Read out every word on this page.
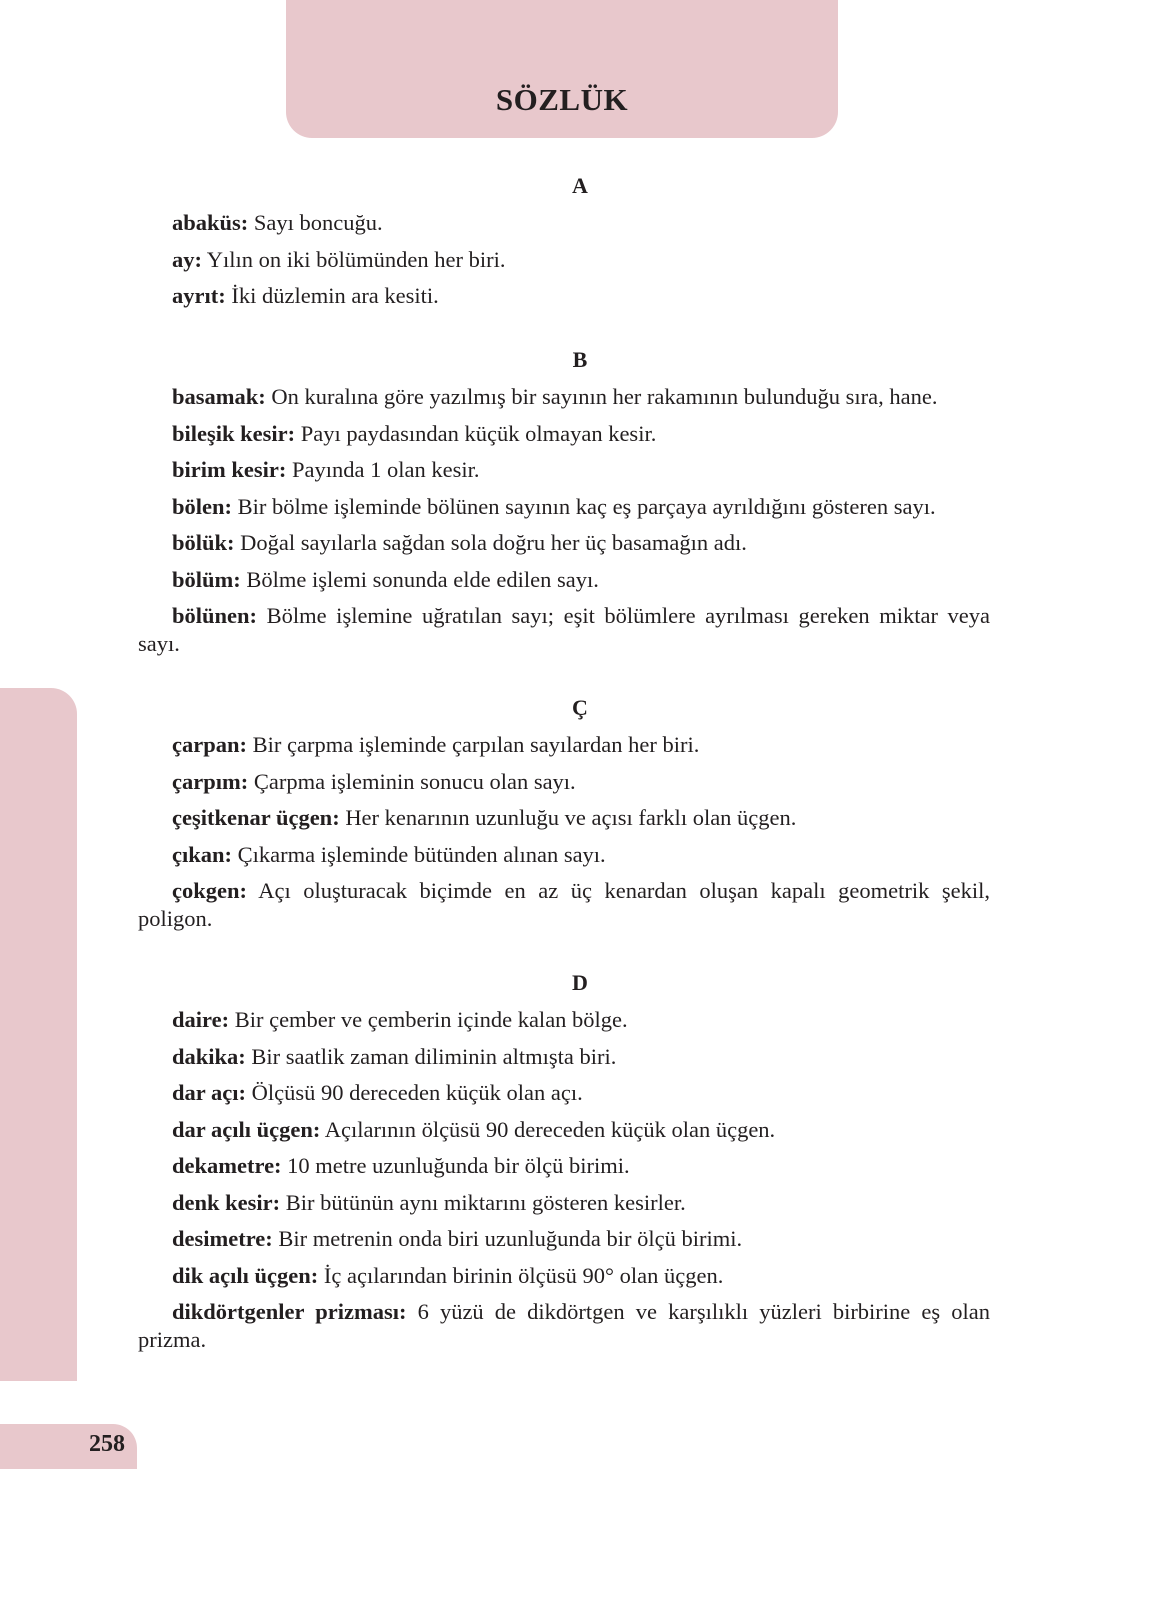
SÖZLÜK
A
abaküs: Sayı boncuğu.
ay: Yılın on iki bölümünden her biri.
ayrıt: İki düzlemin ara kesiti.
B
basamak: On kuralına göre yazılmış bir sayının her rakamının bulunduğu sıra, hane.
bileşik kesir: Payı paydasından küçük olmayan kesir.
birim kesir: Payında 1 olan kesir.
bölen: Bir bölme işleminde bölünen sayının kaç eş parçaya ayrıldığını gösteren sayı.
bölük: Doğal sayılarla sağdan sola doğru her üç basamağın adı.
bölüm: Bölme işlemi sonunda elde edilen sayı.
bölünen: Bölme işlemine uğratılan sayı; eşit bölümlere ayrılması gereken miktar veya sayı.
Ç
çarpan: Bir çarpma işleminde çarpılan sayılardan her biri.
çarpım: Çarpma işleminin sonucu olan sayı.
çeşitkenar üçgen: Her kenarının uzunluğu ve açısı farklı olan üçgen.
çıkan: Çıkarma işleminde bütünden alınan sayı.
çokgen: Açı oluşturacak biçimde en az üç kenardan oluşan kapalı geometrik şekil, poligon.
D
daire: Bir çember ve çemberin içinde kalan bölge.
dakika: Bir saatlik zaman diliminin altmışta biri.
dar açı: Ölçüsü 90 dereceden küçük olan açı.
dar açılı üçgen: Açılarının ölçüsü 90 dereceden küçük olan üçgen.
dekametre: 10 metre uzunluğunda bir ölçü birimi.
denk kesir: Bir bütünün aynı miktarını gösteren kesirler.
desimetre: Bir metrenin onda biri uzunluğunda bir ölçü birimi.
dik açılı üçgen: İç açılarından birinin ölçüsü 90° olan üçgen.
dikdörtgenler prizması: 6 yüzü de dikdörtgen ve karşılıklı yüzleri birbirine eş olan prizma.
258
